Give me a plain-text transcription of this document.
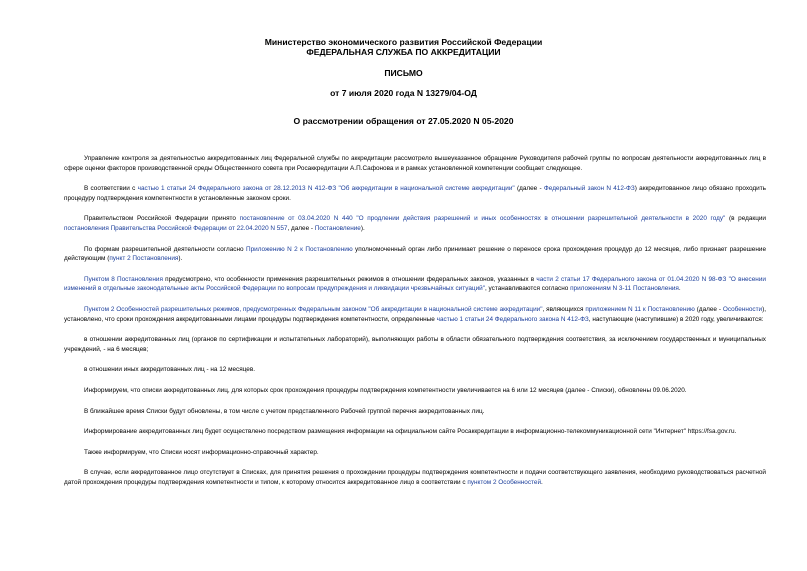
Министерство экономического развития Российской Федерации
ФЕДЕРАЛЬНАЯ СЛУЖБА ПО АККРЕДИТАЦИИ
ПИСЬМО
от 7 июля 2020 года N 13279/04-ОД
О рассмотрении обращения от 27.05.2020 N 05-2020

Управление контроля за деятельностью аккредитованных лиц Федеральной службы по аккредитации рассмотрело вышеуказанное обращение Руководителя рабочей группы по вопросам деятельности аккредитованных лиц в сфере оценки факторов производственной среды Общественного совета при Росаккредитации А.П.Сафонова и в рамках установленной компетенции сообщает следующее.

В соответствии с частью 1 статьи 24 Федерального закона от 28.12.2013 N 412-ФЗ "Об аккредитации в национальной системе аккредитации" (далее - Федеральный закон N 412-ФЗ) аккредитованное лицо обязано проходить процедуру подтверждения компетентности в установленные законом сроки.

Правительством Российской Федерации принято постановление от 03.04.2020 N 440 "О продлении действия разрешений и иных особенностях в отношении разрешительной деятельности в 2020 году" (в редакции постановления Правительства Российской Федерации от 22.04.2020 N 557, далее - Постановление).

По формам разрешительной деятельности согласно Приложению N 2 к Постановлению уполномоченный орган либо принимает решение о переносе срока прохождения процедур до 12 месяцев, либо признает разрешение действующим (пункт 2 Постановления).

Пунктом 8 Постановления предусмотрено, что особенности применения разрешительных режимов в отношении федеральных законов, указанных в части 2 статьи 17 Федерального закона от 01.04.2020 N 98-ФЗ "О внесении изменений в отдельные законодательные акты Российской Федерации по вопросам предупреждения и ликвидации чрезвычайных ситуаций", устанавливаются согласно приложениям N 3-11 Постановления.

Пунктом 2 Особенностей разрешительных режимов, предусмотренных Федеральным законом "Об аккредитации в национальной системе аккредитации", являющихся приложением N 11 к Постановлению (далее - Особенности), установлено, что сроки прохождения аккредитованными лицами процедуры подтверждения компетентности, определенные частью 1 статьи 24 Федерального закона N 412-ФЗ, наступающие (наступившие) в 2020 году, увеличиваются:

в отношении аккредитованных лиц (органов по сертификации и испытательных лабораторий), выполняющих работы в области обязательного подтверждения соответствия, за исключением государственных и муниципальных учреждений, - на 6 месяцев;

в отношении иных аккредитованных лиц - на 12 месяцев.

Информируем, что списки аккредитованных лиц, для которых срок прохождения процедуры подтверждения компетентности увеличивается на 6 или 12 месяцев (далее - Списки), обновлены 09.06.2020.

В ближайшее время Списки будут обновлены, в том числе с учетом представленного Рабочей группой перечня аккредитованных лиц.

Информирование аккредитованных лиц будет осуществлено посредством размещения информации на официальном сайте Росаккредитации в информационно-телекоммуникационной сети "Интернет" https://fsa.gov.ru.

Также информируем, что Списки носят информационно-справочный характер.

В случае, если аккредитованное лицо отсутствует в Списках, для принятия решения о прохождении процедуры подтверждения компетентности и подачи соответствующего заявления, необходимо руководствоваться расчетной датой прохождения процедуры подтверждения компетентности и типом, к которому относится аккредитованное лицо в соответствии с пунктом 2 Особенностей.
